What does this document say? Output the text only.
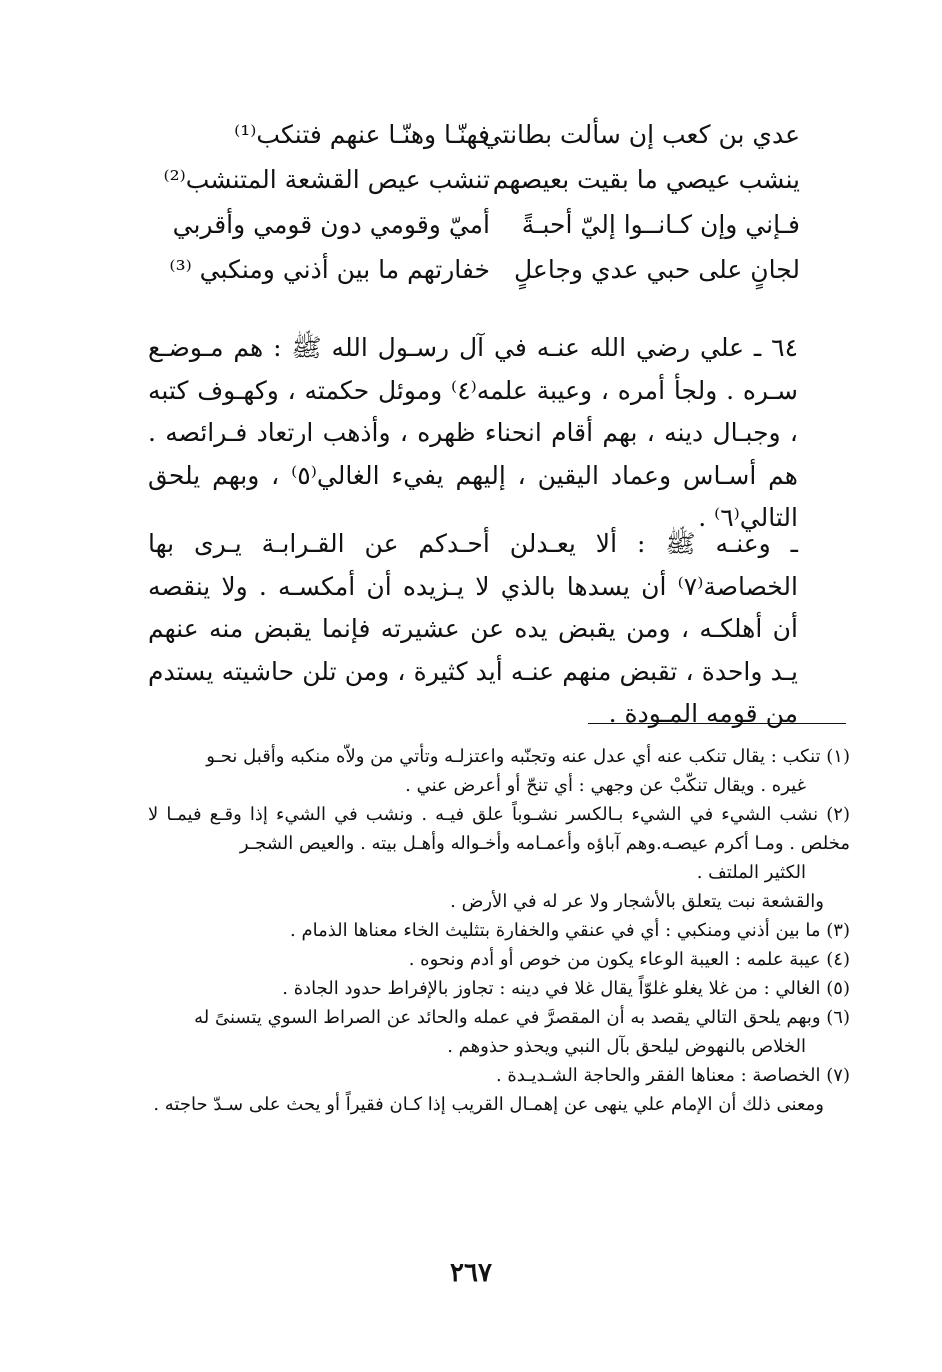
عدي بن كعب إن سألت بطانتي
فهنّـا وهنّـا عنهم فتنكب⁽¹⁾
ينشب عيصي ما بقيت بعيصهم
تنشب عيص القشعة المتنشب⁽²⁾
فـإني وإن كـانــوا إليّ أحبـةً
أميّ وقومي دون قومي وأقربي
لجانٍ على حبي عدي وجاعلٍ
خفارتهم ما بين أذني ومنكبي ⁽³⁾

٦٤ ـ علي رضي الله عنـه في آل رسـول الله ﷺ : هم مـوضـع سـره . ولجأ أمره ، وعيبة علمه⁽٤⁾ وموئل حكمته ، وكهـوف كتبه ، وجبـال دينه ، بهم أقام انحناء ظهره ، وأذهب ارتعاد فـرائصه . هم أسـاس وعماد اليقين ، إليهم يفيء الغالي⁽٥⁾ ، وبهم يلحق التالي⁽٦⁾ .

ـ وعنـه ﷺ : ألا يعـدلن أحـدكم عن القـرابـة يـرى بها الخصاصة⁽٧⁾ أن يسدها بالذي لا يـزيده أن أمكسـه . ولا ينقصه أن أهلكـه ، ومن يقبض يده عن عشيرته فإنما يقبض منه عنهم يـد واحدة ، تقبض منهم عنـه أيد كثيرة ، ومن تلن حاشيته يستدم من قومه المـودة .

(١) تنكب : يقال تنكب عنه أي عدل عنه وتجنّبه واعتزلـه وتأتي من ولاّه منكبه وأقبل نحـو
غيره . ويقال تنكّبْ عن وجهي : أي تنحّ أو أعرض عني .
(٢) نشب الشيء في الشيء بـالكسر نشـوباً علق فيـه . ونشب في الشيء إذا وقـع فيمـا لا مخلص . ومـا أكرم عيصـه.وهم آباؤه وأعمـامه وأخـواله وأهـل بيته . والعيص الشجـر
الكثير الملتف .
والقشعة نبت يتعلق بالأشجار ولا عر له في الأرض .
(٣) ما بين أذني ومنكبي : أي في عنقي والخفارة بتثليث الخاء معناها الذمام .
(٤) عيبة علمه : العيبة الوعاء يكون من خوص أو أدم ونحوه .
(٥) الغالي : من غلا يغلو غلوّاً يقال غلا في دينه : تجاوز بالإفراط حدود الجادة .
(٦) وبهم يلحق التالي يقصد به أن المقصرَّ في عمله والحائد عن الصراط السوي يتسنىً له
الخلاص بالنهوض ليلحق بآل النبي ويحذو حذوهم .
(٧) الخصاصة : معناها الفقر والحاجة الشـديـدة .
ومعنى ذلك أن الإمام علي ينهى عن إهمـال القريب إذا كـان فقيراً أو يحث على سـدّ حاجته .
٢٦٧
